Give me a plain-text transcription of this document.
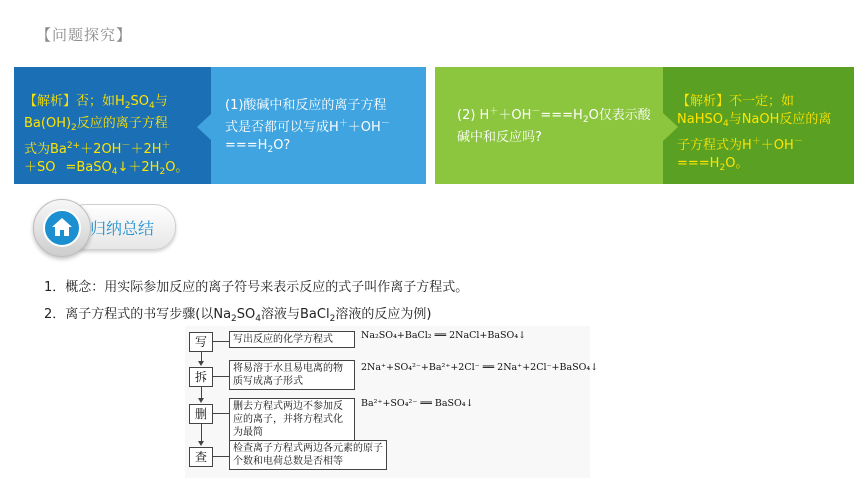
【问题探究】
【解析】否；如$H_2SO_4$与
$Ba(OH)_2$反应的离子方程
式为$Ba^{2+}+2OH^-+2H^+$
$+SO =BaSO_4↓+2H_2O$。
(1)酸碱中和反应的离子方程
式是否都可以写成H＋＋OH－
$===H_2O$?
(2) $H^++OH^-===H_2O$仅表示酸
碱中和反应吗?
【解析】不一定；如
NaHSO$_4$与NaOH反应的离
子方程式为H＋＋OH－
$===H_2O$。
归纳总结
1．概念：用实际参加反应的离子符号来表示反应的式子叫作离子方程式。
2．离子方程式的书写步骤(以$Na_2SO_4$溶液与BaCl$_2$溶液的反应为例)
写	写出反应的化学方程式	Na₂SO₄+BaCl₂ ══ 2NaCl+BaSO₄↓
拆
将易溶于水且易电离的物质写成离子形式
2Na⁺+SO₄²⁻+Ba²⁺+2Cl⁻ ══ 2Na⁺+2Cl⁻+BaSO₄↓
删
删去方程式两边不参加反应的离子，并将方程式化为最简
Ba²⁺+SO₄²⁻ ══ BaSO₄↓
查
检查离子方程式两边各元素的原子个数和电荷总数是否相等
